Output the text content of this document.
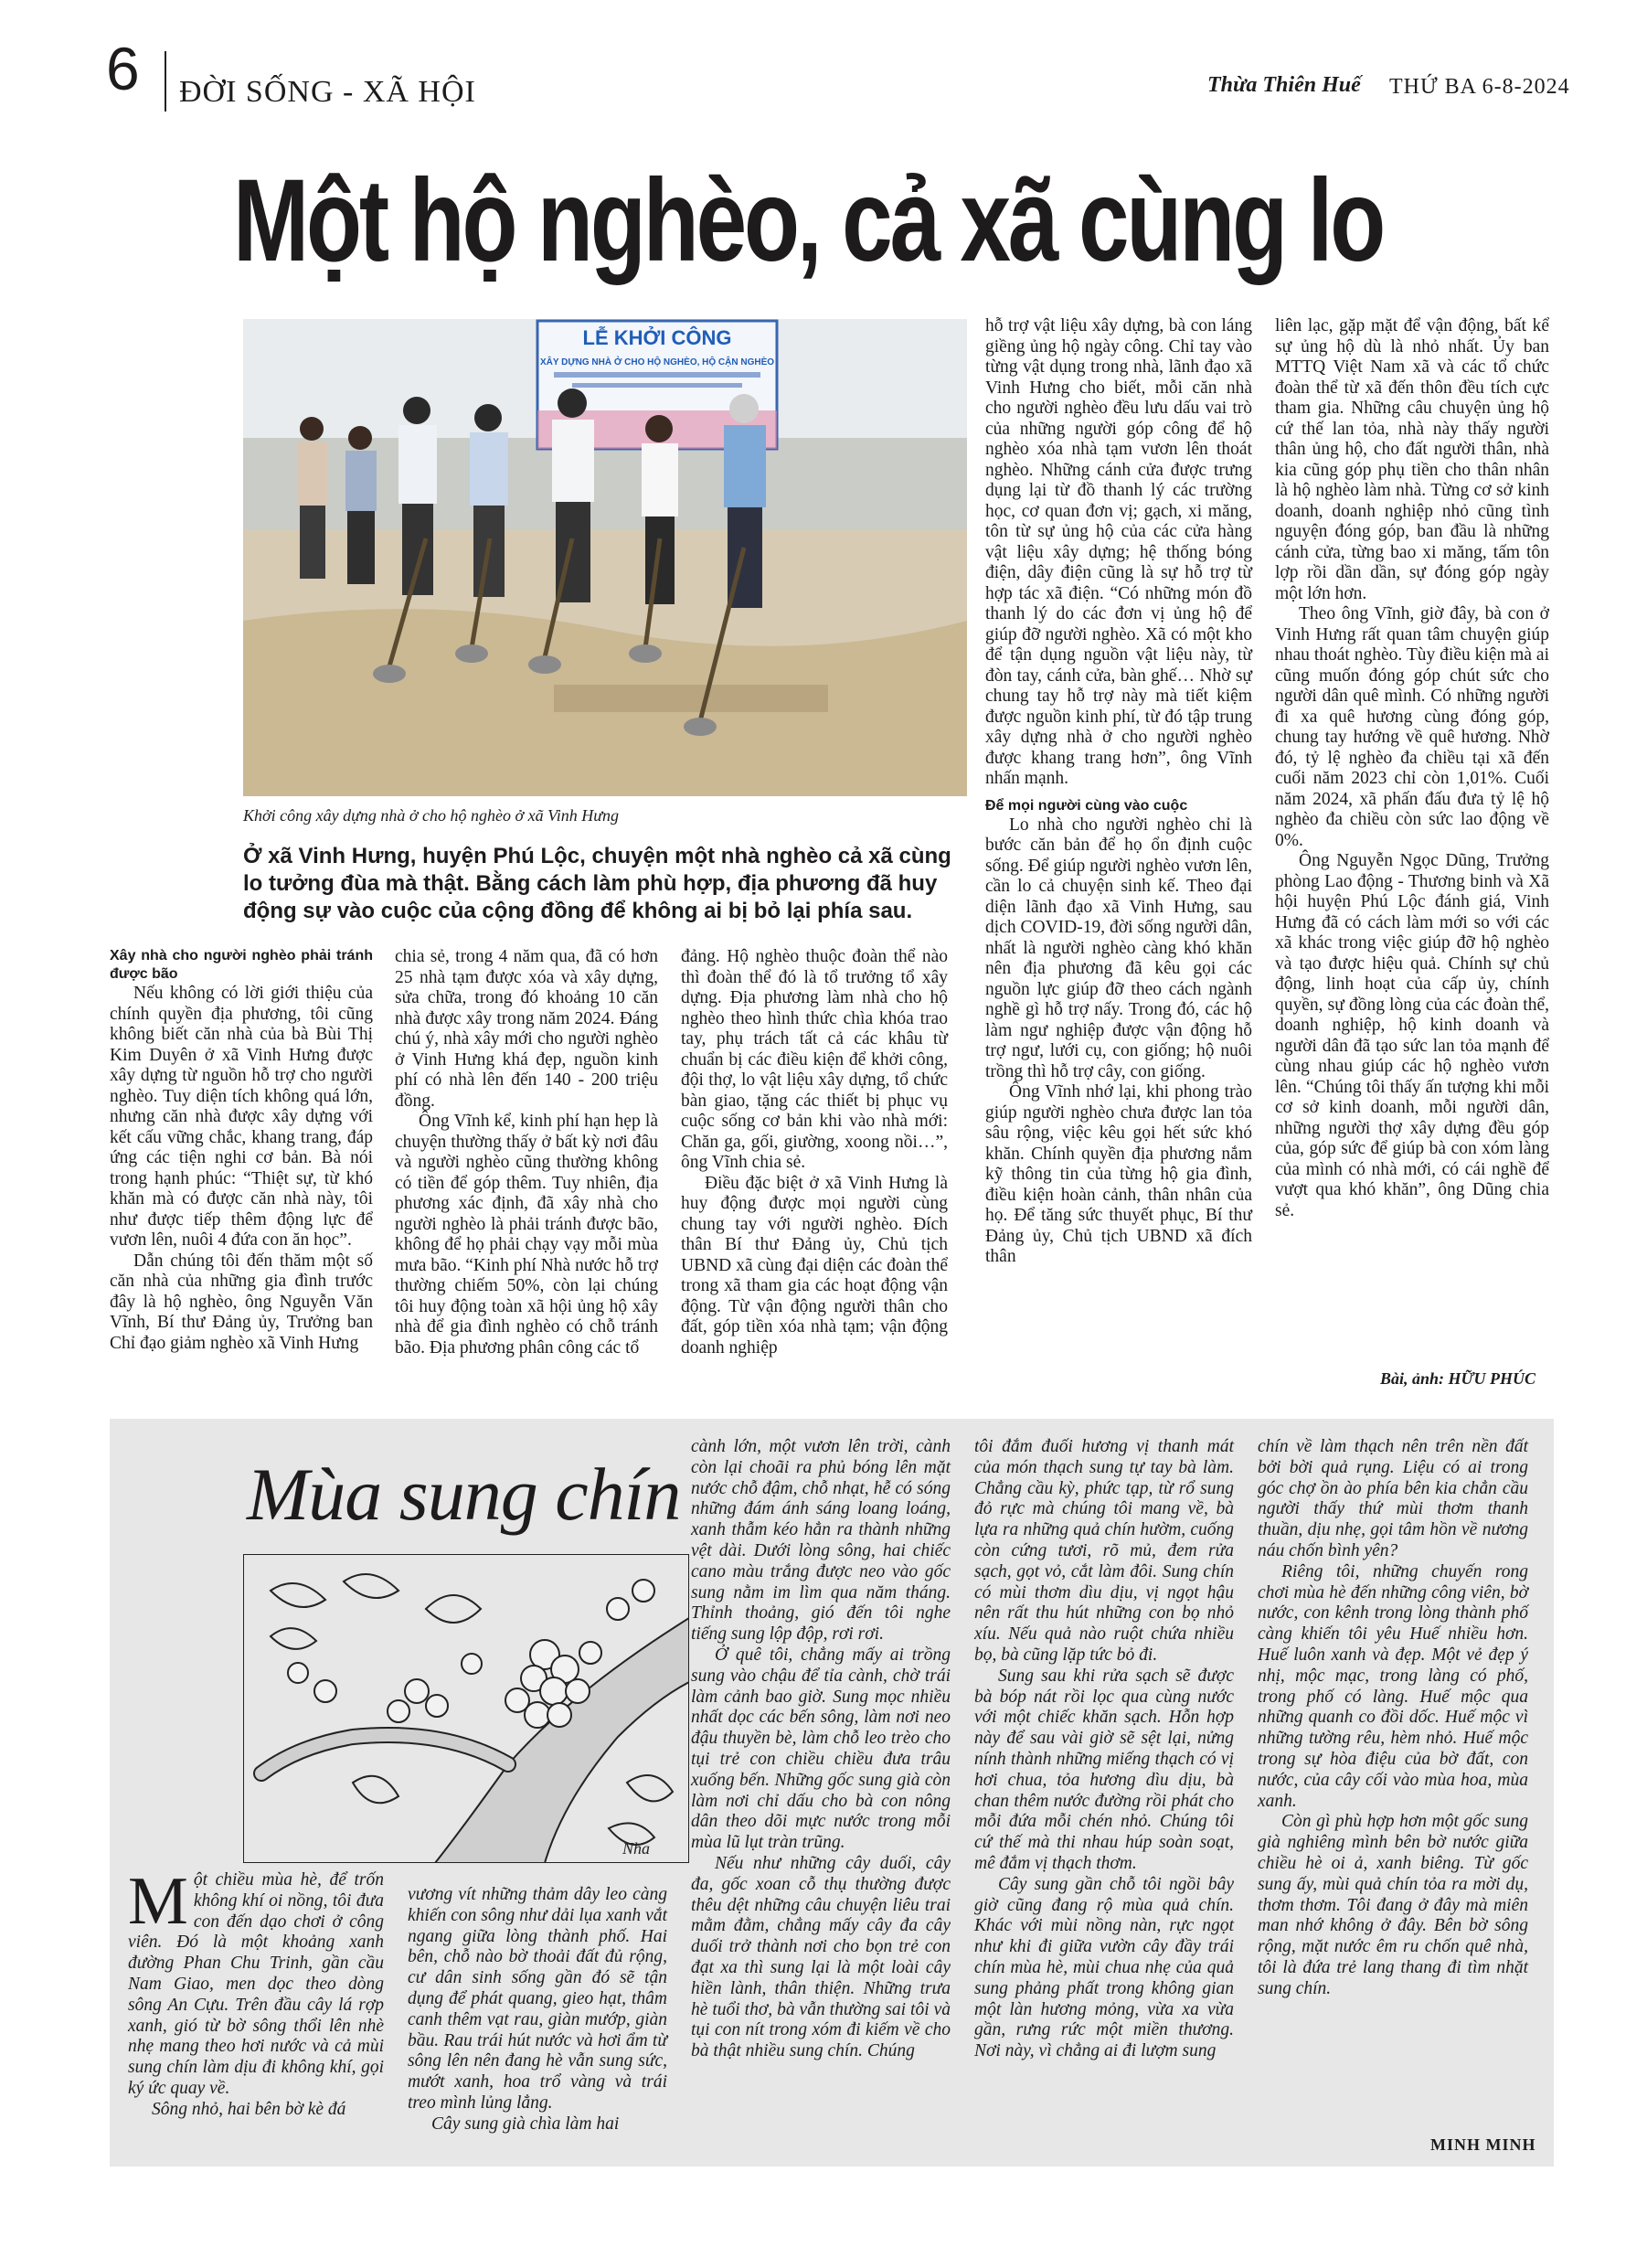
6 ĐỜI SỐNG - XÃ HỘI	Thừa Thiên Huế THỨ BA 6-8-2024
Một hộ nghèo, cả xã cùng lo
LỄ KHỞI CÔNG
XÂY DỰNG NHÀ Ở CHO HỘ NGHÈO, HỘ CẬN NGHÈO
Khởi công xây dựng nhà ở cho hộ nghèo ở xã Vinh Hưng
Ở xã Vinh Hưng, huyện Phú Lộc, chuyện một nhà nghèo cả xã cùng lo tưởng đùa mà thật. Bằng cách làm phù hợp, địa phương đã huy động sự vào cuộc của cộng đồng để không ai bị bỏ lại phía sau.

Xây nhà cho người nghèo phải tránh được bão

Nếu không có lời giới thiệu của chính quyền địa phương, tôi cũng không biết căn nhà của bà Bùi Thị Kim Duyên ở xã Vinh Hưng được xây dựng từ nguồn hỗ trợ cho người nghèo. Tuy diện tích không quá lớn, nhưng căn nhà được xây dựng với kết cấu vững chắc, khang trang, đáp ứng các tiện nghi cơ bản. Bà nói trong hạnh phúc: “Thiệt sự, từ khó khăn mà có được căn nhà này, tôi như được tiếp thêm động lực để vươn lên, nuôi 4 đứa con ăn học”.

Dẫn chúng tôi đến thăm một số căn nhà của những gia đình trước đây là hộ nghèo, ông Nguyễn Văn Vĩnh, Bí thư Đảng ủy, Trưởng ban Chỉ đạo giảm nghèo xã Vinh Hưng

chia sẻ, trong 4 năm qua, đã có hơn 25 nhà tạm được xóa và xây dựng, sửa chữa, trong đó khoảng 10 căn nhà được xây trong năm 2024. Đáng chú ý, nhà xây mới cho người nghèo ở Vinh Hưng khá đẹp, nguồn kinh phí có nhà lên đến 140 - 200 triệu đồng.

Ông Vĩnh kể, kinh phí hạn hẹp là chuyện thường thấy ở bất kỳ nơi đâu và người nghèo cũng thường không có tiền để góp thêm. Tuy nhiên, địa phương xác định, đã xây nhà cho người nghèo là phải tránh được bão, không để họ phải chạy vạy mỗi mùa mưa bão. “Kinh phí Nhà nước hỗ trợ thường chiếm 50%, còn lại chúng tôi huy động toàn xã hội ủng hộ xây nhà để gia đình nghèo có chỗ tránh bão. Địa phương phân công các tổ

đảng. Hộ nghèo thuộc đoàn thể nào thì đoàn thể đó là tổ trưởng tổ xây dựng. Địa phương làm nhà cho hộ nghèo theo hình thức chìa khóa trao tay, phụ trách tất cả các khâu từ chuẩn bị các điều kiện để khởi công, đội thợ, lo vật liệu xây dựng, tổ chức bàn giao, tặng các thiết bị phục vụ cuộc sống cơ bản khi vào nhà mới: Chăn ga, gối, giường, xoong nồi…”, ông Vĩnh chia sẻ.

Điều đặc biệt ở xã Vinh Hưng là huy động được mọi người cùng chung tay với người nghèo. Đích thân Bí thư Đảng ủy, Chủ tịch UBND xã cùng đại diện các đoàn thể trong xã tham gia các hoạt động vận động. Từ vận động người thân cho đất, góp tiền xóa nhà tạm; vận động doanh nghiệp

hỗ trợ vật liệu xây dựng, bà con láng giềng ủng hộ ngày công. Chỉ tay vào từng vật dụng trong nhà, lãnh đạo xã Vinh Hưng cho biết, mỗi căn nhà cho người nghèo đều lưu dấu vai trò của những người góp công để hộ nghèo xóa nhà tạm vươn lên thoát nghèo. Những cánh cửa được trưng dụng lại từ đồ thanh lý các trường học, cơ quan đơn vị; gạch, xi măng, tôn từ sự ủng hộ của các cửa hàng vật liệu xây dựng; hệ thống bóng điện, dây điện cũng là sự hỗ trợ từ hợp tác xã điện. “Có những món đồ thanh lý do các đơn vị ủng hộ để giúp đỡ người nghèo. Xã có một kho để tận dụng nguồn vật liệu này, từ đòn tay, cánh cửa, bàn ghế… Nhờ sự chung tay hỗ trợ này mà tiết kiệm được nguồn kinh phí, từ đó tập trung xây dựng nhà ở cho người nghèo được khang trang hơn”, ông Vĩnh nhấn mạnh.

Để mọi người cùng vào cuộc

Lo nhà cho người nghèo chỉ là bước căn bản để họ ổn định cuộc sống. Để giúp người nghèo vươn lên, cần lo cả chuyện sinh kế. Theo đại diện lãnh đạo xã Vinh Hưng, sau dịch COVID-19, đời sống người dân, nhất là người nghèo càng khó khăn nên địa phương đã kêu gọi các nguồn lực giúp đỡ theo cách ngành nghề gì hỗ trợ nấy. Trong đó, các hộ làm ngư nghiệp được vận động hỗ trợ ngư, lưới cụ, con giống; hộ nuôi trồng thì hỗ trợ cây, con giống.

Ông Vĩnh nhớ lại, khi phong trào giúp người nghèo chưa được lan tỏa sâu rộng, việc kêu gọi hết sức khó khăn. Chính quyền địa phương nắm kỹ thông tin của từng hộ gia đình, điều kiện hoàn cảnh, thân nhân của họ. Để tăng sức thuyết phục, Bí thư Đảng ủy, Chủ tịch UBND xã đích thân

liên lạc, gặp mặt để vận động, bất kể sự ủng hộ dù là nhỏ nhất. Ủy ban MTTQ Việt Nam xã và các tổ chức đoàn thể từ xã đến thôn đều tích cực tham gia. Những câu chuyện ủng hộ cứ thế lan tỏa, nhà này thấy người thân ủng hộ, cho đất người thân, nhà kia cũng góp phụ tiền cho thân nhân là hộ nghèo làm nhà. Từng cơ sở kinh doanh, doanh nghiệp nhỏ cũng tình nguyện đóng góp, ban đầu là những cánh cửa, từng bao xi măng, tấm tôn lợp rồi dần dần, sự đóng góp ngày một lớn hơn.

Theo ông Vĩnh, giờ đây, bà con ở Vinh Hưng rất quan tâm chuyện giúp nhau thoát nghèo. Tùy điều kiện mà ai cũng muốn đóng góp chút sức cho người dân quê mình. Có những người đi xa quê hương cùng đóng góp, chung tay hướng về quê hương. Nhờ đó, tỷ lệ nghèo đa chiều tại xã đến cuối năm 2023 chỉ còn 1,01%. Cuối năm 2024, xã phấn đấu đưa tỷ lệ hộ nghèo đa chiều còn sức lao động về 0%.

Ông Nguyễn Ngọc Dũng, Trưởng phòng Lao động - Thương binh và Xã hội huyện Phú Lộc đánh giá, Vinh Hưng đã có cách làm mới so với các xã khác trong việc giúp đỡ hộ nghèo và tạo được hiệu quả. Chính sự chủ động, linh hoạt của cấp ủy, chính quyền, sự đồng lòng của các đoàn thể, doanh nghiệp, hộ kinh doanh và người dân đã tạo sức lan tỏa mạnh để cùng nhau giúp các hộ nghèo vươn lên. “Chúng tôi thấy ấn tượng khi mỗi cơ sở kinh doanh, mỗi người dân, những người thợ xây dựng đều góp của, góp sức để giúp bà con xóm làng của mình có nhà mới, có cái nghề để vượt qua khó khăn”, ông Dũng chia sẻ.

Bài, ảnh: HỮU PHÚC
Mùa sung chín
Nha

Một chiều mùa hè, để trốn không khí oi nồng, tôi đưa con đến dạo chơi ở công viên. Đó là một khoảng xanh đường Phan Chu Trinh, gần cầu Nam Giao, men dọc theo dòng sông An Cựu. Trên đầu cây lá rợp xanh, gió từ bờ sông thổi lên nhè nhẹ mang theo hơi nước và cả mùi sung chín làm dịu đi không khí, gọi ký ức quay về.

Sông nhỏ, hai bên bờ kè đá

vương vít những thảm dây leo càng khiến con sông như dải lụa xanh vắt ngang giữa lòng thành phố. Hai bên, chỗ nào bờ thoải đất đủ rộng, cư dân sinh sống gần đó sẽ tận dụng để phát quang, gieo hạt, thâm canh thêm vạt rau, giàn mướp, giàn bầu. Rau trái hút nước và hơi ẩm từ sông lên nên đang hè vẫn sung sức, mướt xanh, hoa trổ vàng và trái treo mình lủng lẳng.

Cây sung già chìa làm hai

cành lớn, một vươn lên trời, cành còn lại choãi ra phủ bóng lên mặt nước chỗ đậm, chỗ nhạt, hễ có sóng những đám ánh sáng loang loáng, xanh thẫm kéo hẳn ra thành những vệt dài. Dưới lòng sông, hai chiếc cano màu trắng được neo vào gốc sung nằm im lìm qua năm tháng. Thỉnh thoảng, gió đến tôi nghe tiếng sung lộp độp, rơi rơi.

Ở quê tôi, chẳng mấy ai trồng sung vào chậu để tỉa cành, chờ trái làm cảnh bao giờ. Sung mọc nhiều nhất dọc các bến sông, làm nơi neo đậu thuyền bè, làm chỗ leo trèo cho tụi trẻ con chiều chiều đưa trâu xuống bến. Những gốc sung già còn làm nơi chỉ dấu cho bà con nông dân theo dõi mực nước trong mỗi mùa lũ lụt tràn trũng.

Nếu như những cây duối, cây đa, gốc xoan cỗ thụ thường được thêu dệt những câu chuyện liêu trai mằm đằm, chẳng mấy cây đa cây duối trở thành nơi cho bọn trẻ con đạt xa thì sung lại là một loài cây hiền lành, thân thiện. Những trưa hè tuổi thơ, bà vẫn thường sai tôi và tụi con nít trong xóm đi kiếm về cho bà thật nhiều sung chín. Chúng

tôi đắm đuối hương vị thanh mát của món thạch sung tự tay bà làm. Chẳng cầu kỳ, phức tạp, từ rổ sung đỏ rực mà chúng tôi mang về, bà lựa ra những quả chín hườm, cuống còn cứng tươi, rõ mủ, đem rửa sạch, gọt vỏ, cắt làm đôi. Sung chín có mùi thơm dìu dịu, vị ngọt hậu nên rất thu hút những con bọ nhỏ xíu. Nếu quả nào ruột chứa nhiều bọ, bà cũng lặp tức bỏ đi.

Sung sau khi rửa sạch sẽ được bà bóp nát rồi lọc qua cùng nước với một chiếc khăn sạch. Hỗn hợp này để sau vài giờ sẽ sệt lại, nửng nính thành những miếng thạch có vị hơi chua, tỏa hương dìu dịu, bà chan thêm nước đường rồi phát cho mỗi đứa mỗi chén nhỏ. Chúng tôi cứ thế mà thi nhau húp soàn soạt, mê đắm vị thạch thơm.

Cây sung gần chỗ tôi ngồi bây giờ cũng đang rộ mùa quả chín. Khác với mùi nồng nàn, rực ngọt như khi đi giữa vườn cây đầy trái chín mùa hè, mùi chua nhẹ của quả sung phảng phất trong không gian một làn hương mỏng, vừa xa vừa gần, rưng rức một miền thương. Nơi này, vì chẳng ai đi lượm sung

chín về làm thạch nên trên nền đất bởi bời quả rụng. Liệu có ai trong góc chợ ồn ào phía bên kia chẳn cầu người thấy thứ mùi thơm thanh thuần, dịu nhẹ, gọi tâm hồn về nương náu chốn bình yên?

Riêng tôi, những chuyến rong chơi mùa hè đến những công viên, bờ nước, con kênh trong lòng thành phố càng khiến tôi yêu Huế nhiều hơn. Huế luôn xanh và đẹp. Một vẻ đẹp ý nhị, mộc mạc, trong làng có phố, trong phố có làng. Huế mộc qua những quanh co đồi dốc. Huế mộc vì những tường rêu, hèm nhỏ. Huế mộc trong sự hòa điệu của bờ đất, con nước, của cây cối vào mùa hoa, mùa xanh.

Còn gì phù hợp hơn một gốc sung già nghiêng mình bên bờ nước giữa chiều hè oi ả, xanh biêng. Từ gốc sung ấy, mùi quả chín tỏa ra mời dụ, thơm thơm. Tôi đang ở đây mà miên man nhớ không ở đây. Bên bờ sông rộng, mặt nước êm ru chốn quê nhà, tôi là đứa trẻ lang thang đi tìm nhặt sung chín.

MINH MINH
